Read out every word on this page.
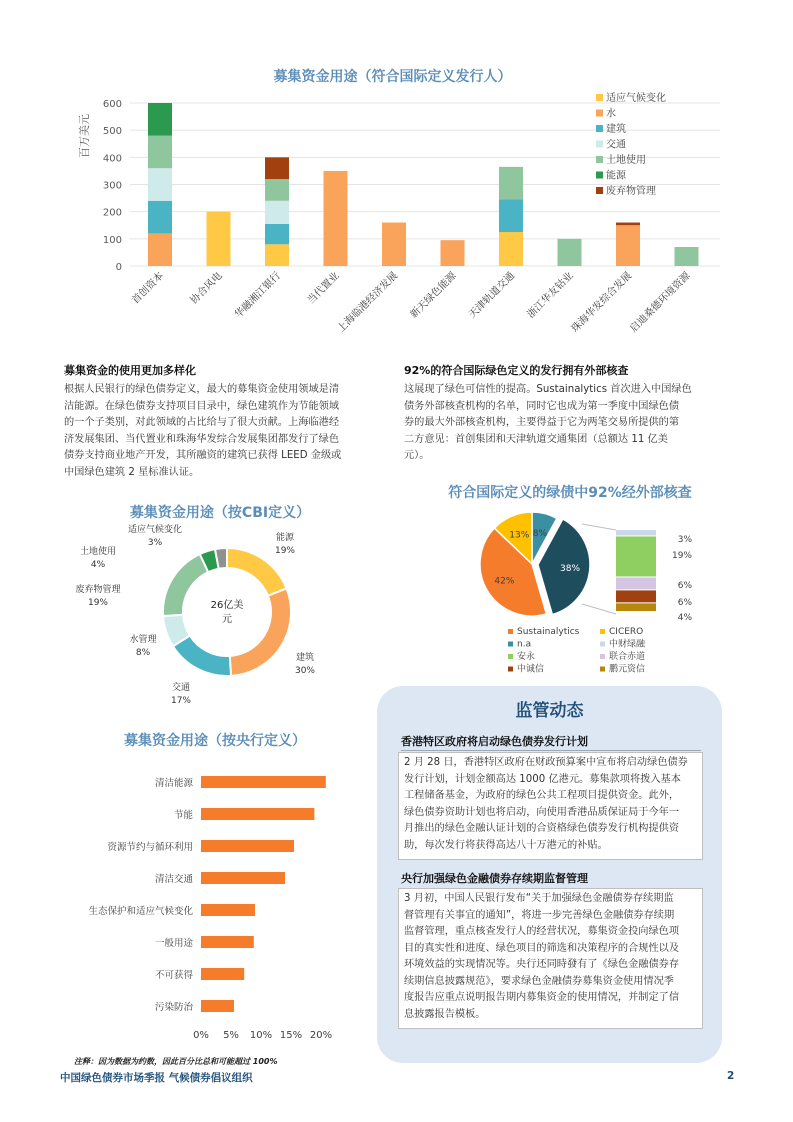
募集资金用途（符合国际定义发行人）
百万美元
0
100
200
300
400
500
600
首创资本 协合风电 华融湘江银行 当代置业
上海临港经济发展 新天绿色能源 天津轨道交通 浙江华友钴业
珠海华发综合发展
启迪桑德环境资源
适应气候变化
水
建筑
交通
土地使用
能源
废弃物管理
募集资金的使用更加多样化
根据人民银行的绿色债券定义，最大的募集资金使用领域是清
洁能源。在绿色债券支持项目目录中，绿色建筑作为节能领域
的一个子类别，对此领域的占比给与了很大贡献。上海临港经
济发展集团、当代置业和珠海华发综合发展集团都发行了绿色
债券支持商业地产开发，其所融资的建筑已获得 LEED 金级或
中国绿色建筑 2 星标准认证。
92%的符合国际绿色定义的发行拥有外部核查
这展现了绿色可信性的提高。Sustainalytics 首次进入中国绿色
债务外部核查机构的名单，同时它也成为第一季度中国绿色债
券的最大外部核查机构，主要得益于它为两笔交易所提供的第
二方意见：首创集团和天津轨道交通集团（总额达 11 亿美
元）。
募集资金用途（按CBI定义）
能源
19%
建筑
30%
交通
17%
水管理
8%
废弃物管理
19%
土地使用
4%
适应气候变化
3%
26亿美
元
符合国际定义的绿债中92%经外部核查
8%
38%
42%
13%	3%
19%
6%
6%
4%
Sustainalytics	CICERO
n.a	中财绿融
安永	联合赤道
中诚信	鹏元资信
募集资金用途（按央行定义）
清洁能源
节能
资源节约与循环利用
清洁交通
生态保护和适应气候变化
一般用途
不可获得
污染防治
0% 5% 10% 15% 20%
监管动态
香港特区政府将启动绿色债券发行计划
2 月 28 日，香港特区政府在财政预算案中宣布将启动绿色债券
发行计划，计划金额高达 1000 亿港元。募集款项将拨入基本
工程储备基金，为政府的绿色公共工程项目提供资金。此外，
绿色债券资助计划也将启动，向使用香港品质保证局于今年一
月推出的绿色金融认证计划的合资格绿色债券发行机构提供资
助，每次发行将获得高达八十万港元的补贴。
央行加强绿色金融债券存续期监督管理
3 月初，中国人民银行发布“关于加强绿色金融债券存续期监
督管理有关事宜的通知”，将进一步完善绿色金融债券存续期
监督管理，重点核查发行人的经营状况，募集资金投向绿色项
目的真实性和进度、绿色项目的筛选和决策程序的合规性以及
环境效益的实现情况等。央行还同時發有了《绿色金融债券存
续期信息披露规范》，要求绿色金融债券募集资金使用情况季
度报告应重点说明报告期内募集资金的使用情况，并制定了信
息披露报告模板。
注释：因为数据为约数，因此百分比总和可能超过 100%
中国绿色债券市场季报 气候债券倡议组织	2
